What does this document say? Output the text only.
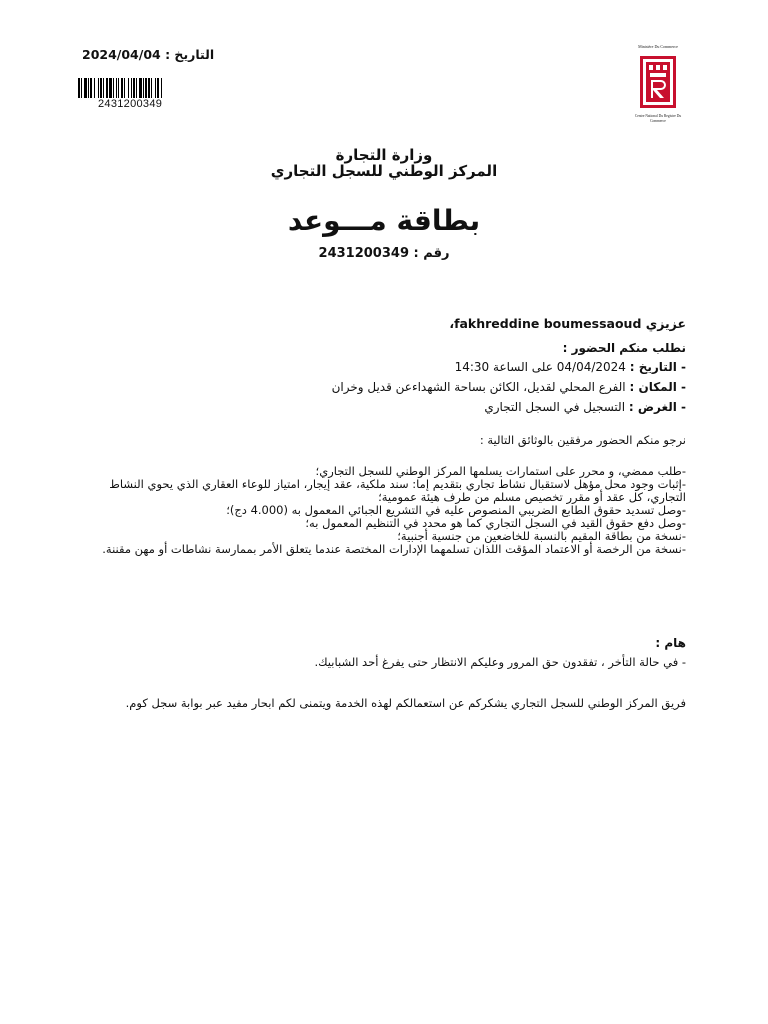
التاريخ : 2024/04/04
2431200349
Ministère Du Commerce
Centre National Du Registre Du Commerce
وزارة التجارة
المركز الوطني للسجل التجاري
بطاقة مـــوعد
رقم : 2431200349
عزيزي fakhreddine boumessaoud،
نطلب منكم الحضور :
- التاريخ : 04/04/2024 على الساعة 14:30
- المكان : الفرع المحلي لقديل، الكائن بساحة الشهداءعن قديل وخران
- الغرض : التسجيل في السجل التجاري
نرجو منكم الحضور مرفقين بالوثائق التالية :
-طلب ممضي، و محرر على استمارات يسلمها المركز الوطني للسجل التجاري؛
-إثبات وجود محل مؤهل لاستقبال نشاط تجاري بتقديم إما: سند ملكية، عقد إيجار، امتياز للوعاء العقاري الذي يحوي النشاط التجاري، كل عقد أو مقرر تخصيص مسلم من طرف هيئة عمومية؛
-وصل تسديد حقوق الطابع الضريبي المنصوص عليه في التشريع الجبائي المعمول به (4.000 دج)؛
-وصل دفع حقوق القيد في السجل التجاري كما هو محدد في التنظيم المعمول به؛
-نسخة من بطاقة المقيم بالنسبة للخاضعين من جنسية أجنبية؛
-نسخة من الرخصة أو الاعتماد المؤقت اللذان تسلمهما الإدارات المختصة عندما يتعلق الأمر بممارسة نشاطات أو مهن مقننة.
هام :
- في حالة التأخر ، تفقدون حق المرور وعليكم الانتظار حتى يفرغ أحد الشبابيك.
فريق المركز الوطني للسجل التجاري يشكركم عن استعمالكم لهذه الخدمة ويتمنى لكم ابحار مفيد عبر بوابة سجل كوم.
